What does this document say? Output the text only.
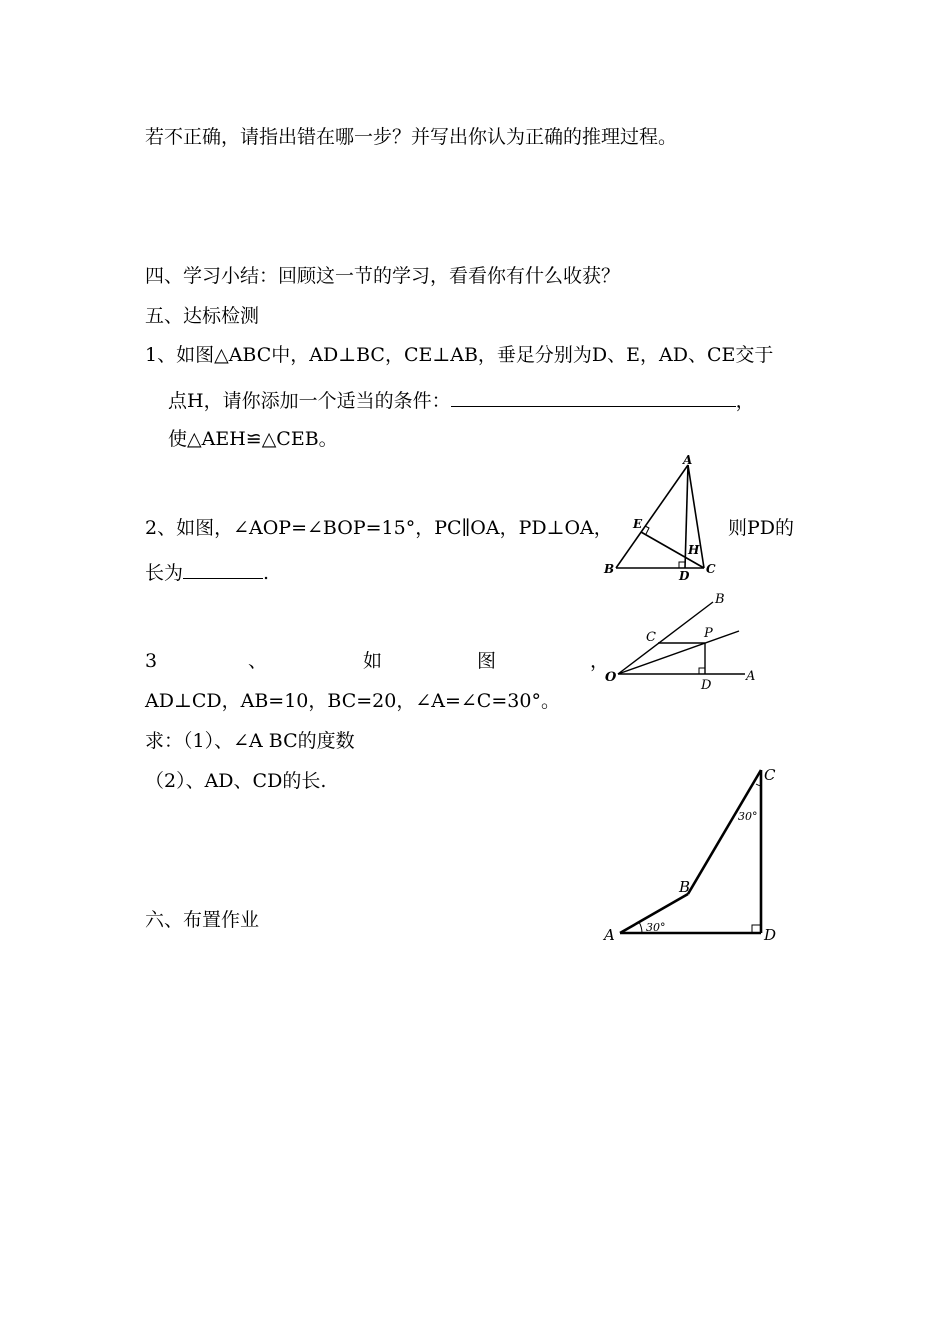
若不正确，请指出错在哪一步？并写出你认为正确的推理过程。
四、学习小结：回顾这一节的学习，看看你有什么收获？
五、达标检测
1、如图△ABC中，AD⊥BC，CE⊥AB，垂足分别为D、E，AD、CE交于
点H，请你添加一个适当的条件：	，
使△AEH≌△CEB。
2、如图，∠AOP=∠BOP=15°，PC∥OA，PD⊥OA，	则PD的
长为	.
3	、	如	图	，
AD⊥CD，AB=10，BC=20，∠A=∠C=30°。
求：（1）、∠A BC的度数
（2）、AD、CD的长.
六、布置作业
A
B	C
D
E
H
O	A
B
C	P
D
A
B
C
D
30°
30°
